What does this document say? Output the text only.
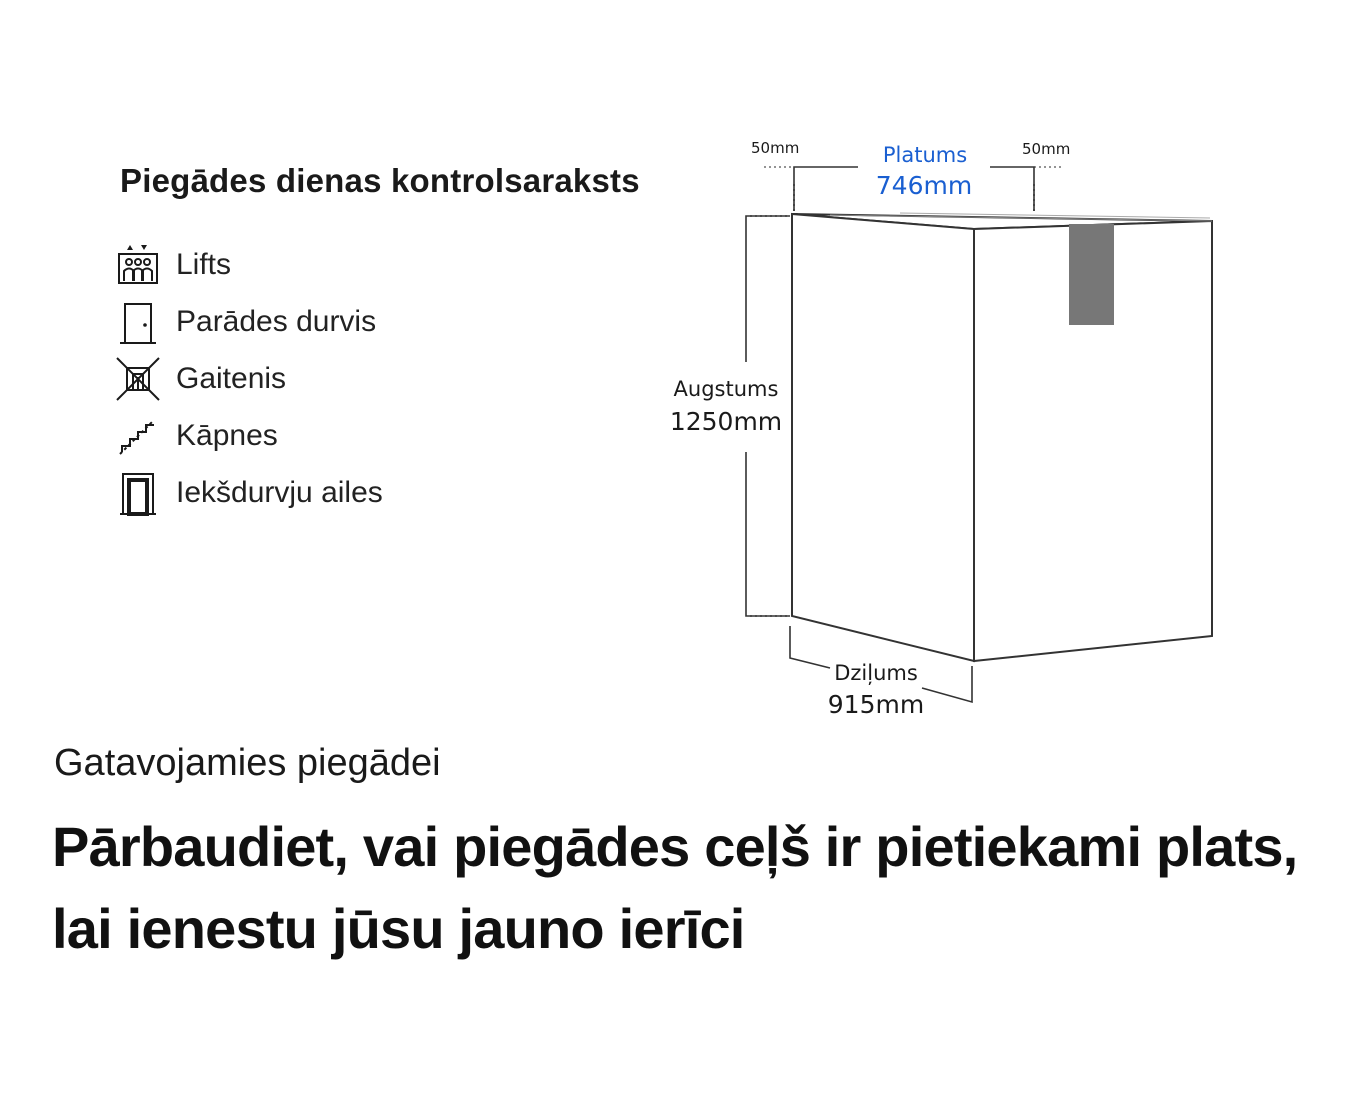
Piegādes dienas kontrolsaraksts
Lifts
Parādes durvis
Gaitenis
Kāpnes
Iekšdurvju ailes
50mm	50mm
Platums
746mm
Augstums
1250mm
Dziļums
915mm
Gatavojamies piegādei
Pārbaudiet, vai piegādes ceļš ir pietiekami plats, lai ienestu jūsu jauno ierīci
